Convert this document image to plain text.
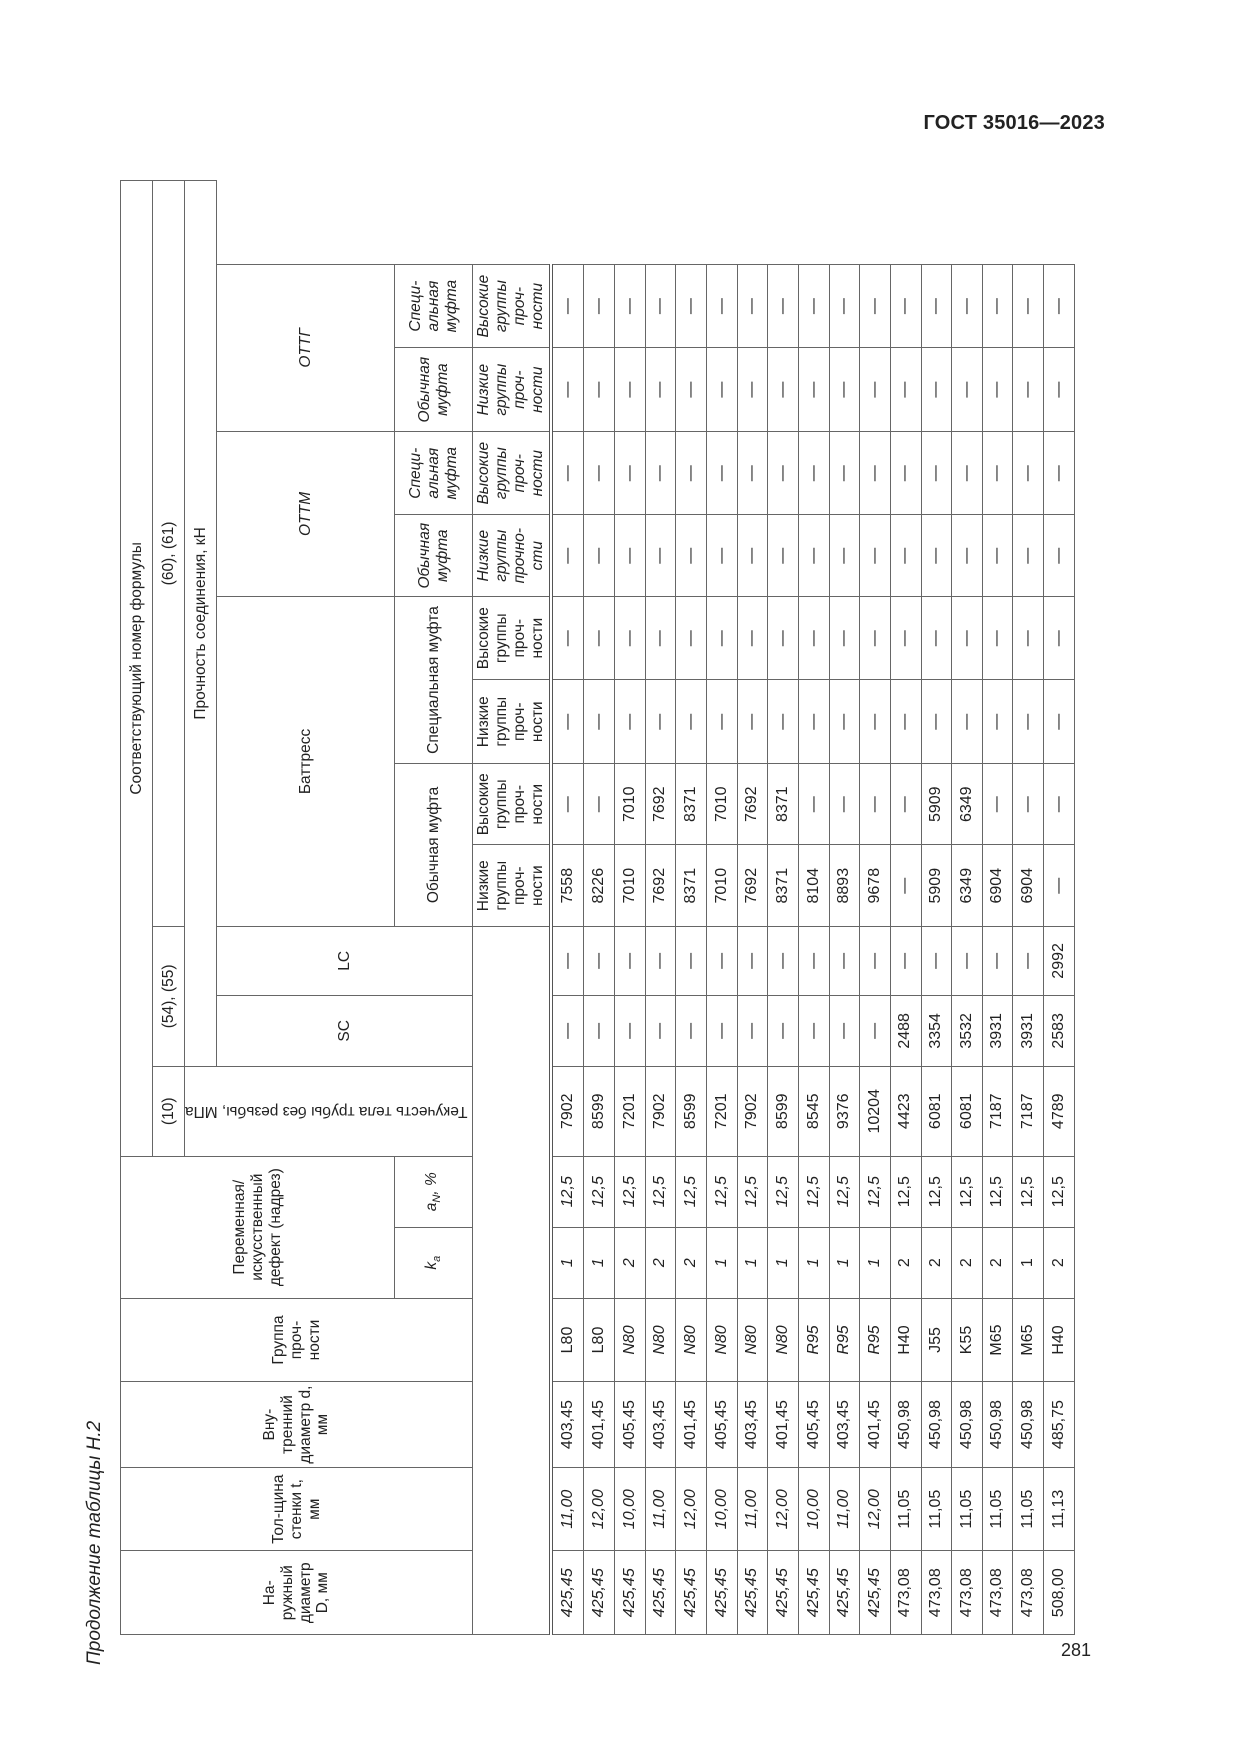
ГОСТ 35016—2023
Продолжение таблицы Н.2	281
На-ружный диаметр D, мм	Тол-щина стенки t, мм	Вну-тренний диаметр d, мм	Группа проч-ности	Переменная/ искусственный дефект (надрез)		Соответствующий номер формулы										
						(10)	(54), (55)		(60), (61)							
						Текучесть тела трубы без резьбы, МПа	Прочность соединения, кН									
							SC	LC	Баттресс				ОТТМ		ОТТГ	
				$k_a$	$a_N$, %				Обычная муфта		Специальная муфта		Обычная муфта	Специ-альная муфта	Обычная муфта	Специ-альная муфта
									Низкие группы проч-ности	Высокие группы проч-ности	Низкие группы проч-ности	Высокие группы проч-ности	Низкие группы прочно-сти	Высокие группы проч-ности	Низкие группы проч-ности	Высокие группы проч-ности
425,45	11,00	403,45	L80	1	12,5	7902	—	—	7558	—	—	—	—	—	—	—
425,45	12,00	401,45	L80	1	12,5	8599	—	—	8226	—	—	—	—	—	—	—
425,45	10,00	405,45	N80	2	12,5	7201	—	—	7010	7010	—	—	—	—	—	—
425,45	11,00	403,45	N80	2	12,5	7902	—	—	7692	7692	—	—	—	—	—	—
425,45	12,00	401,45	N80	2	12,5	8599	—	—	8371	8371	—	—	—	—	—	—
425,45	10,00	405,45	N80	1	12,5	7201	—	—	7010	7010	—	—	—	—	—	—
425,45	11,00	403,45	N80	1	12,5	7902	—	—	7692	7692	—	—	—	—	—	—
425,45	12,00	401,45	N80	1	12,5	8599	—	—	8371	8371	—	—	—	—	—	—
425,45	10,00	405,45	R95	1	12,5	8545	—	—	8104	—	—	—	—	—	—	—
425,45	11,00	403,45	R95	1	12,5	9376	—	—	8893	—	—	—	—	—	—	—
425,45	12,00	401,45	R95	1	12,5	10204	—	—	9678	—	—	—	—	—	—	—
473,08	11,05	450,98	H40	2	12,5	4423	2488	—	—	—	—	—	—	—	—	—
473,08	11,05	450,98	J55	2	12,5	6081	3354	—	5909	5909	—	—	—	—	—	—
473,08	11,05	450,98	K55	2	12,5	6081	3532	—	6349	6349	—	—	—	—	—	—
473,08	11,05	450,98	M65	2	12,5	7187	3931	—	6904	—	—	—	—	—	—	—
473,08	11,05	450,98	M65	1	12,5	7187	3931	—	6904	—	—	—	—	—	—	—
508,00	11,13	485,75	H40	2	12,5	4789	2583	2992	—	—	—	—	—	—	—	—
